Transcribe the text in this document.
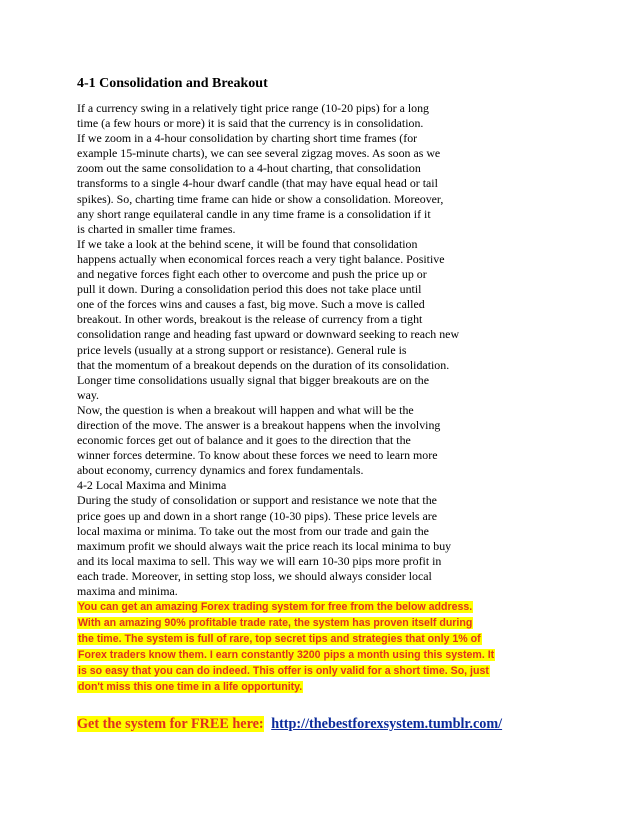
4-1 Consolidation and Breakout
If a currency swing in a relatively tight price range (10-20 pips) for a long
time (a few hours or more) it is said that the currency is in consolidation.
If we zoom in a 4-hour consolidation by charting short time frames (for
example 15-minute charts), we can see several zigzag moves. As soon as we
zoom out the same consolidation to a 4-hout charting, that consolidation
transforms to a single 4-hour dwarf candle (that may have equal head or tail
spikes). So, charting time frame can hide or show a consolidation. Moreover,
any short range equilateral candle in any time frame is a consolidation if it
is charted in smaller time frames.
If we take a look at the behind scene, it will be found that consolidation
happens actually when economical forces reach a very tight balance. Positive
and negative forces fight each other to overcome and push the price up or
pull it down. During a consolidation period this does not take place until
one of the forces wins and causes a fast, big move. Such a move is called
breakout. In other words, breakout is the release of currency from a tight
consolidation range and heading fast upward or downward seeking to reach new
price levels (usually at a strong support or resistance). General rule is
that the momentum of a breakout depends on the duration of its consolidation.
Longer time consolidations usually signal that bigger breakouts are on the
way.
Now, the question is when a breakout will happen and what will be the
direction of the move. The answer is a breakout happens when the involving
economic forces get out of balance and it goes to the direction that the
winner forces determine. To know about these forces we need to learn more
about economy, currency dynamics and forex fundamentals.
4-2 Local Maxima and Minima
During the study of consolidation or support and resistance we note that the
price goes up and down in a short range (10-30 pips). These price levels are
local maxima or minima. To take out the most from our trade and gain the
maximum profit we should always wait the price reach its local minima to buy
and its local maxima to sell. This way we will earn 10-30 pips more profit in
each trade. Moreover, in setting stop loss, we should always consider local
maxima and minima.
You can get an amazing Forex trading system for free from the below address.
With an amazing 90% profitable trade rate, the system has proven itself during
the time. The system is full of rare, top secret tips and strategies that only 1% of
Forex traders know them. I earn constantly 3200 pips a month using this system. It
is so easy that you can do indeed. This offer is only valid for a short time. So, just
don't miss this one time in a life opportunity.
Get the system for FREE here: http://thebestforexsystem.tumblr.com/
